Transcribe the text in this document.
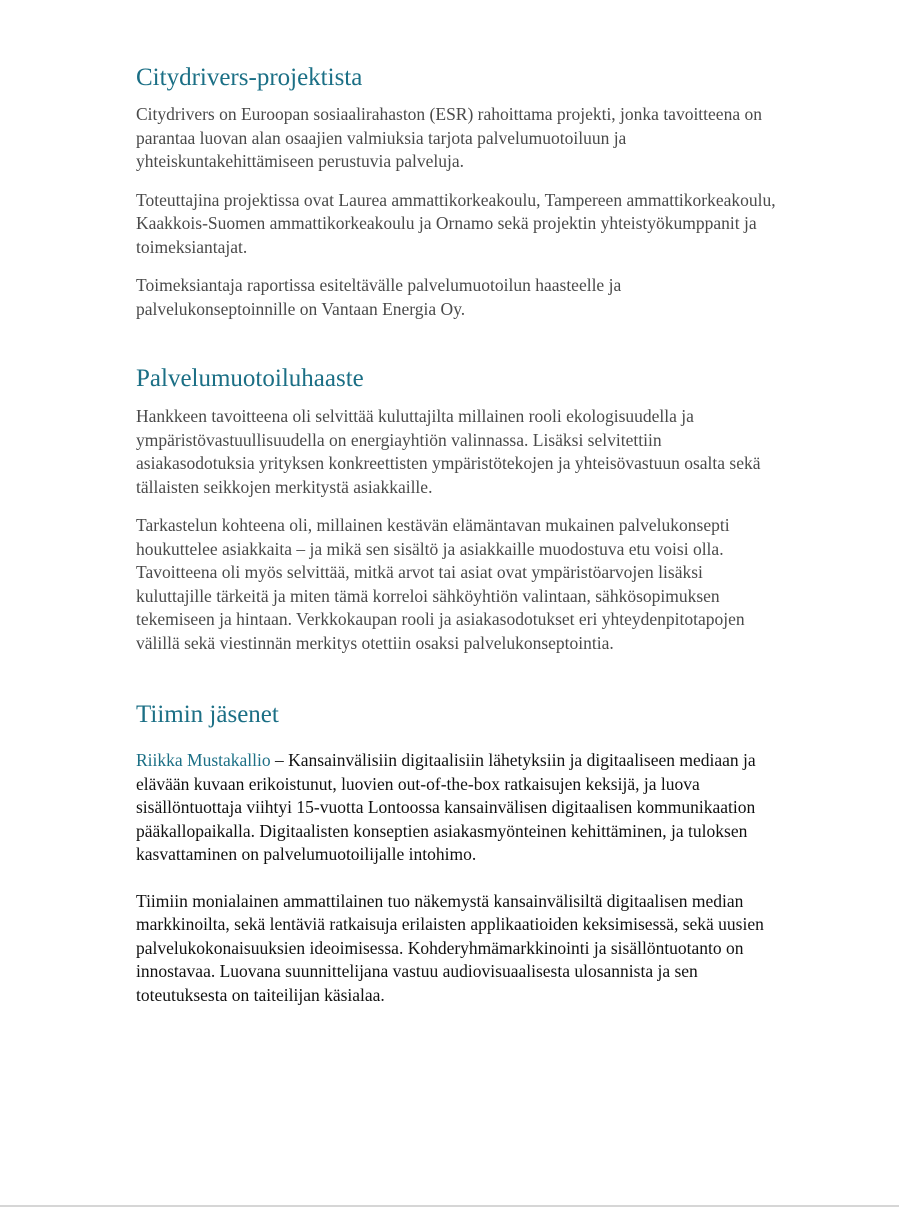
Citydrivers-projektista

Citydrivers on Euroopan sosiaalirahaston (ESR) rahoittama projekti, jonka tavoitteena on parantaa luovan alan osaajien valmiuksia tarjota palvelumuotoiluun ja yhteiskuntakehittämiseen perustuvia palveluja.

Toteuttajina projektissa ovat Laurea ammattikorkeakoulu, Tampereen ammattikorkeakoulu, Kaakkois-Suomen ammattikorkeakoulu ja Ornamo sekä projektin yhteistyökumppanit ja toimeksiantajat.

Toimeksiantaja raportissa esiteltävälle palvelumuotoilun haasteelle ja palvelukonseptoinnille on Vantaan Energia Oy.

Palvelumuotoiluhaaste

Hankkeen tavoitteena oli selvittää kuluttajilta millainen rooli ekologisuudella ja ympäristövastuullisuudella on energiayhtiön valinnassa. Lisäksi selvitettiin asiakasodotuksia yrityksen konkreettisten ympäristötekojen ja yhteisövastuun osalta sekä tällaisten seikkojen merkitystä asiakkaille.

Tarkastelun kohteena oli, millainen kestävän elämäntavan mukainen palvelukonsepti houkuttelee asiakkaita – ja mikä sen sisältö ja asiakkaille muodostuva etu voisi olla. Tavoitteena oli myös selvittää, mitkä arvot tai asiat ovat ympäristöarvojen lisäksi kuluttajille tärkeitä ja miten tämä korreloi sähköyhtiön valintaan, sähkösopimuksen tekemiseen ja hintaan. Verkkokaupan rooli ja asiakasodotukset eri yhteydenpitotapojen välillä sekä viestinnän merkitys otettiin osaksi palvelukonseptointia.

Tiimin jäsenet

Riikka Mustakallio – Kansainvälisiin digitaalisiin lähetyksiin ja digitaaliseen mediaan ja elävään kuvaan erikoistunut, luovien out-of-the-box ratkaisujen keksijä, ja luova sisällöntuottaja viihtyi 15-vuotta Lontoossa kansainvälisen digitaalisen kommunikaation pääkallopaikalla. Digitaalisten konseptien asiakasmyönteinen kehittäminen, ja tuloksen kasvattaminen on palvelumuotoilijalle intohimo.

Tiimiin monialainen ammattilainen tuo näkemystä kansainvälisiltä digitaalisen median markkinoilta, sekä lentäviä ratkaisuja erilaisten applikaatioiden keksimisessä, sekä uusien palvelukokonaisuuksien ideoimisessa. Kohderyhmämarkkinointi ja sisällöntuotanto on innostavaa. Luovana suunnittelijana vastuu audiovisuaalisesta ulosannista ja sen toteutuksesta on taiteilijan käsialaa.
